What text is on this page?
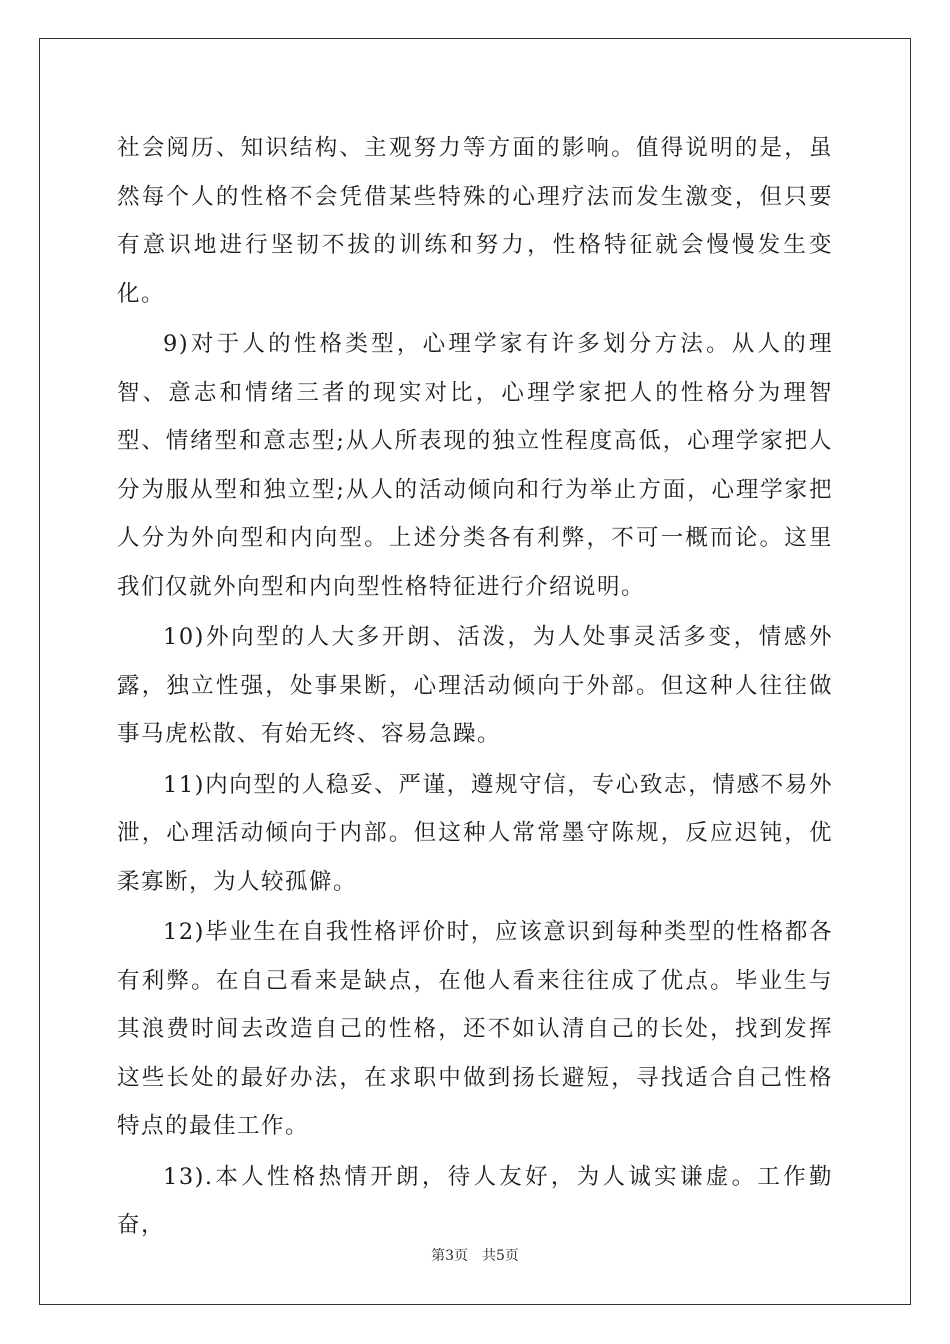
社会阅历、知识结构、主观努力等方面的影响。值得说明的是，虽然每个人的性格不会凭借某些特殊的心理疗法而发生激变，但只要有意识地进行坚韧不拔的训练和努力，性格特征就会慢慢发生变化。

9)对于人的性格类型，心理学家有许多划分方法。从人的理智、意志和情绪三者的现实对比，心理学家把人的性格分为理智型、情绪型和意志型;从人所表现的独立性程度高低，心理学家把人分为服从型和独立型;从人的活动倾向和行为举止方面，心理学家把人分为外向型和内向型。上述分类各有利弊，不可一概而论。这里我们仅就外向型和内向型性格特征进行介绍说明。

10)外向型的人大多开朗、活泼，为人处事灵活多变，情感外露，独立性强，处事果断，心理活动倾向于外部。但这种人往往做事马虎松散、有始无终、容易急躁。

11)内向型的人稳妥、严谨，遵规守信，专心致志，情感不易外泄，心理活动倾向于内部。但这种人常常墨守陈规，反应迟钝，优柔寡断，为人较孤僻。

12)毕业生在自我性格评价时，应该意识到每种类型的性格都各有利弊。在自己看来是缺点，在他人看来往往成了优点。毕业生与其浪费时间去改造自己的性格，还不如认清自己的长处，找到发挥这些长处的最好办法，在求职中做到扬长避短，寻找适合自己性格特点的最佳工作。

13).本人性格热情开朗，待人友好，为人诚实谦虚。工作勤奋，

第3页 共5页
